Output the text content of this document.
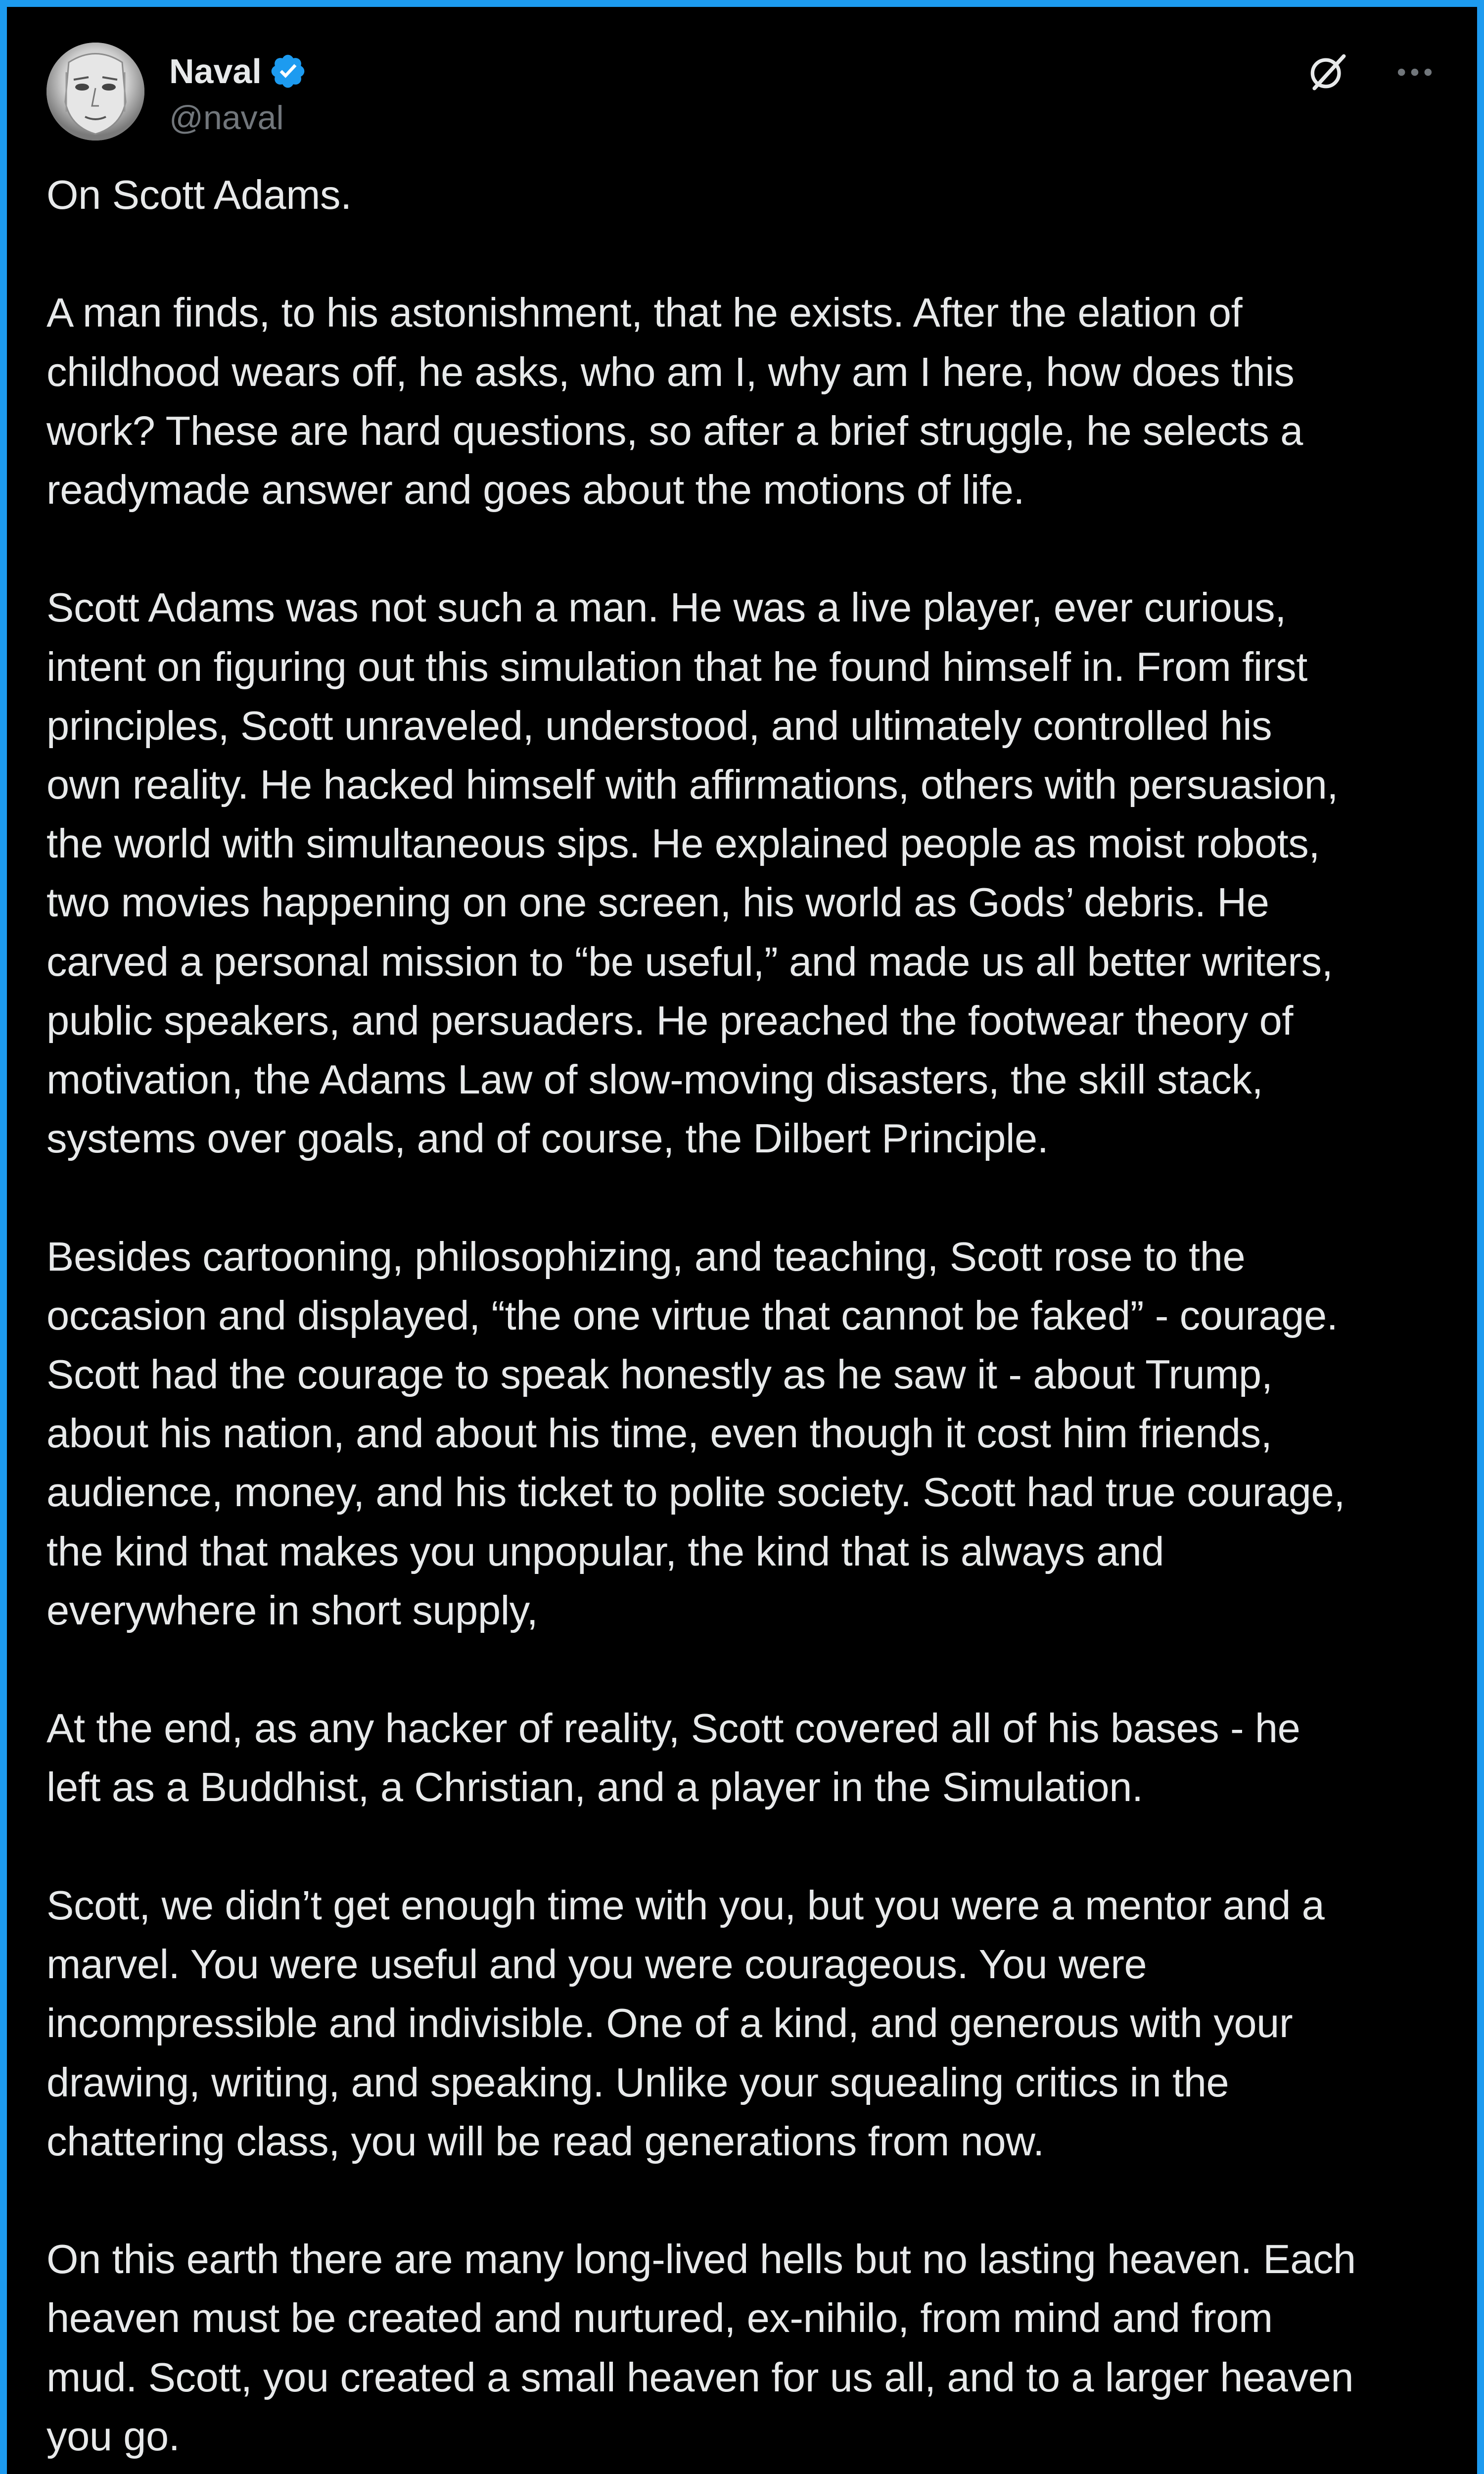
Naval
@naval
On Scott Adams.

A man finds, to his astonishment, that he exists. After the elation of
childhood wears off, he asks, who am I, why am I here, how does this
work? These are hard questions, so after a brief struggle, he selects a
readymade answer and goes about the motions of life.

Scott Adams was not such a man. He was a live player, ever curious,
intent on figuring out this simulation that he found himself in. From first
principles, Scott unraveled, understood, and ultimately controlled his
own reality. He hacked himself with affirmations, others with persuasion,
the world with simultaneous sips. He explained people as moist robots,
two movies happening on one screen, his world as Gods’ debris. He
carved a personal mission to “be useful,” and made us all better writers,
public speakers, and persuaders. He preached the footwear theory of
motivation, the Adams Law of slow-moving disasters, the skill stack,
systems over goals, and of course, the Dilbert Principle.

Besides cartooning, philosophizing, and teaching, Scott rose to the
occasion and displayed, “the one virtue that cannot be faked” - courage.
Scott had the courage to speak honestly as he saw it - about Trump,
about his nation, and about his time, even though it cost him friends,
audience, money, and his ticket to polite society. Scott had true courage,
the kind that makes you unpopular, the kind that is always and
everywhere in short supply,

At the end, as any hacker of reality, Scott covered all of his bases - he
left as a Buddhist, a Christian, and a player in the Simulation.

Scott, we didn’t get enough time with you, but you were a mentor and a
marvel. You were useful and you were courageous. You were
incompressible and indivisible. One of a kind, and generous with your
drawing, writing, and speaking. Unlike your squealing critics in the
chattering class, you will be read generations from now.

On this earth there are many long-lived hells but no lasting heaven. Each
heaven must be created and nurtured, ex-nihilo, from mind and from
mud. Scott, you created a small heaven for us all, and to a larger heaven
you go.
